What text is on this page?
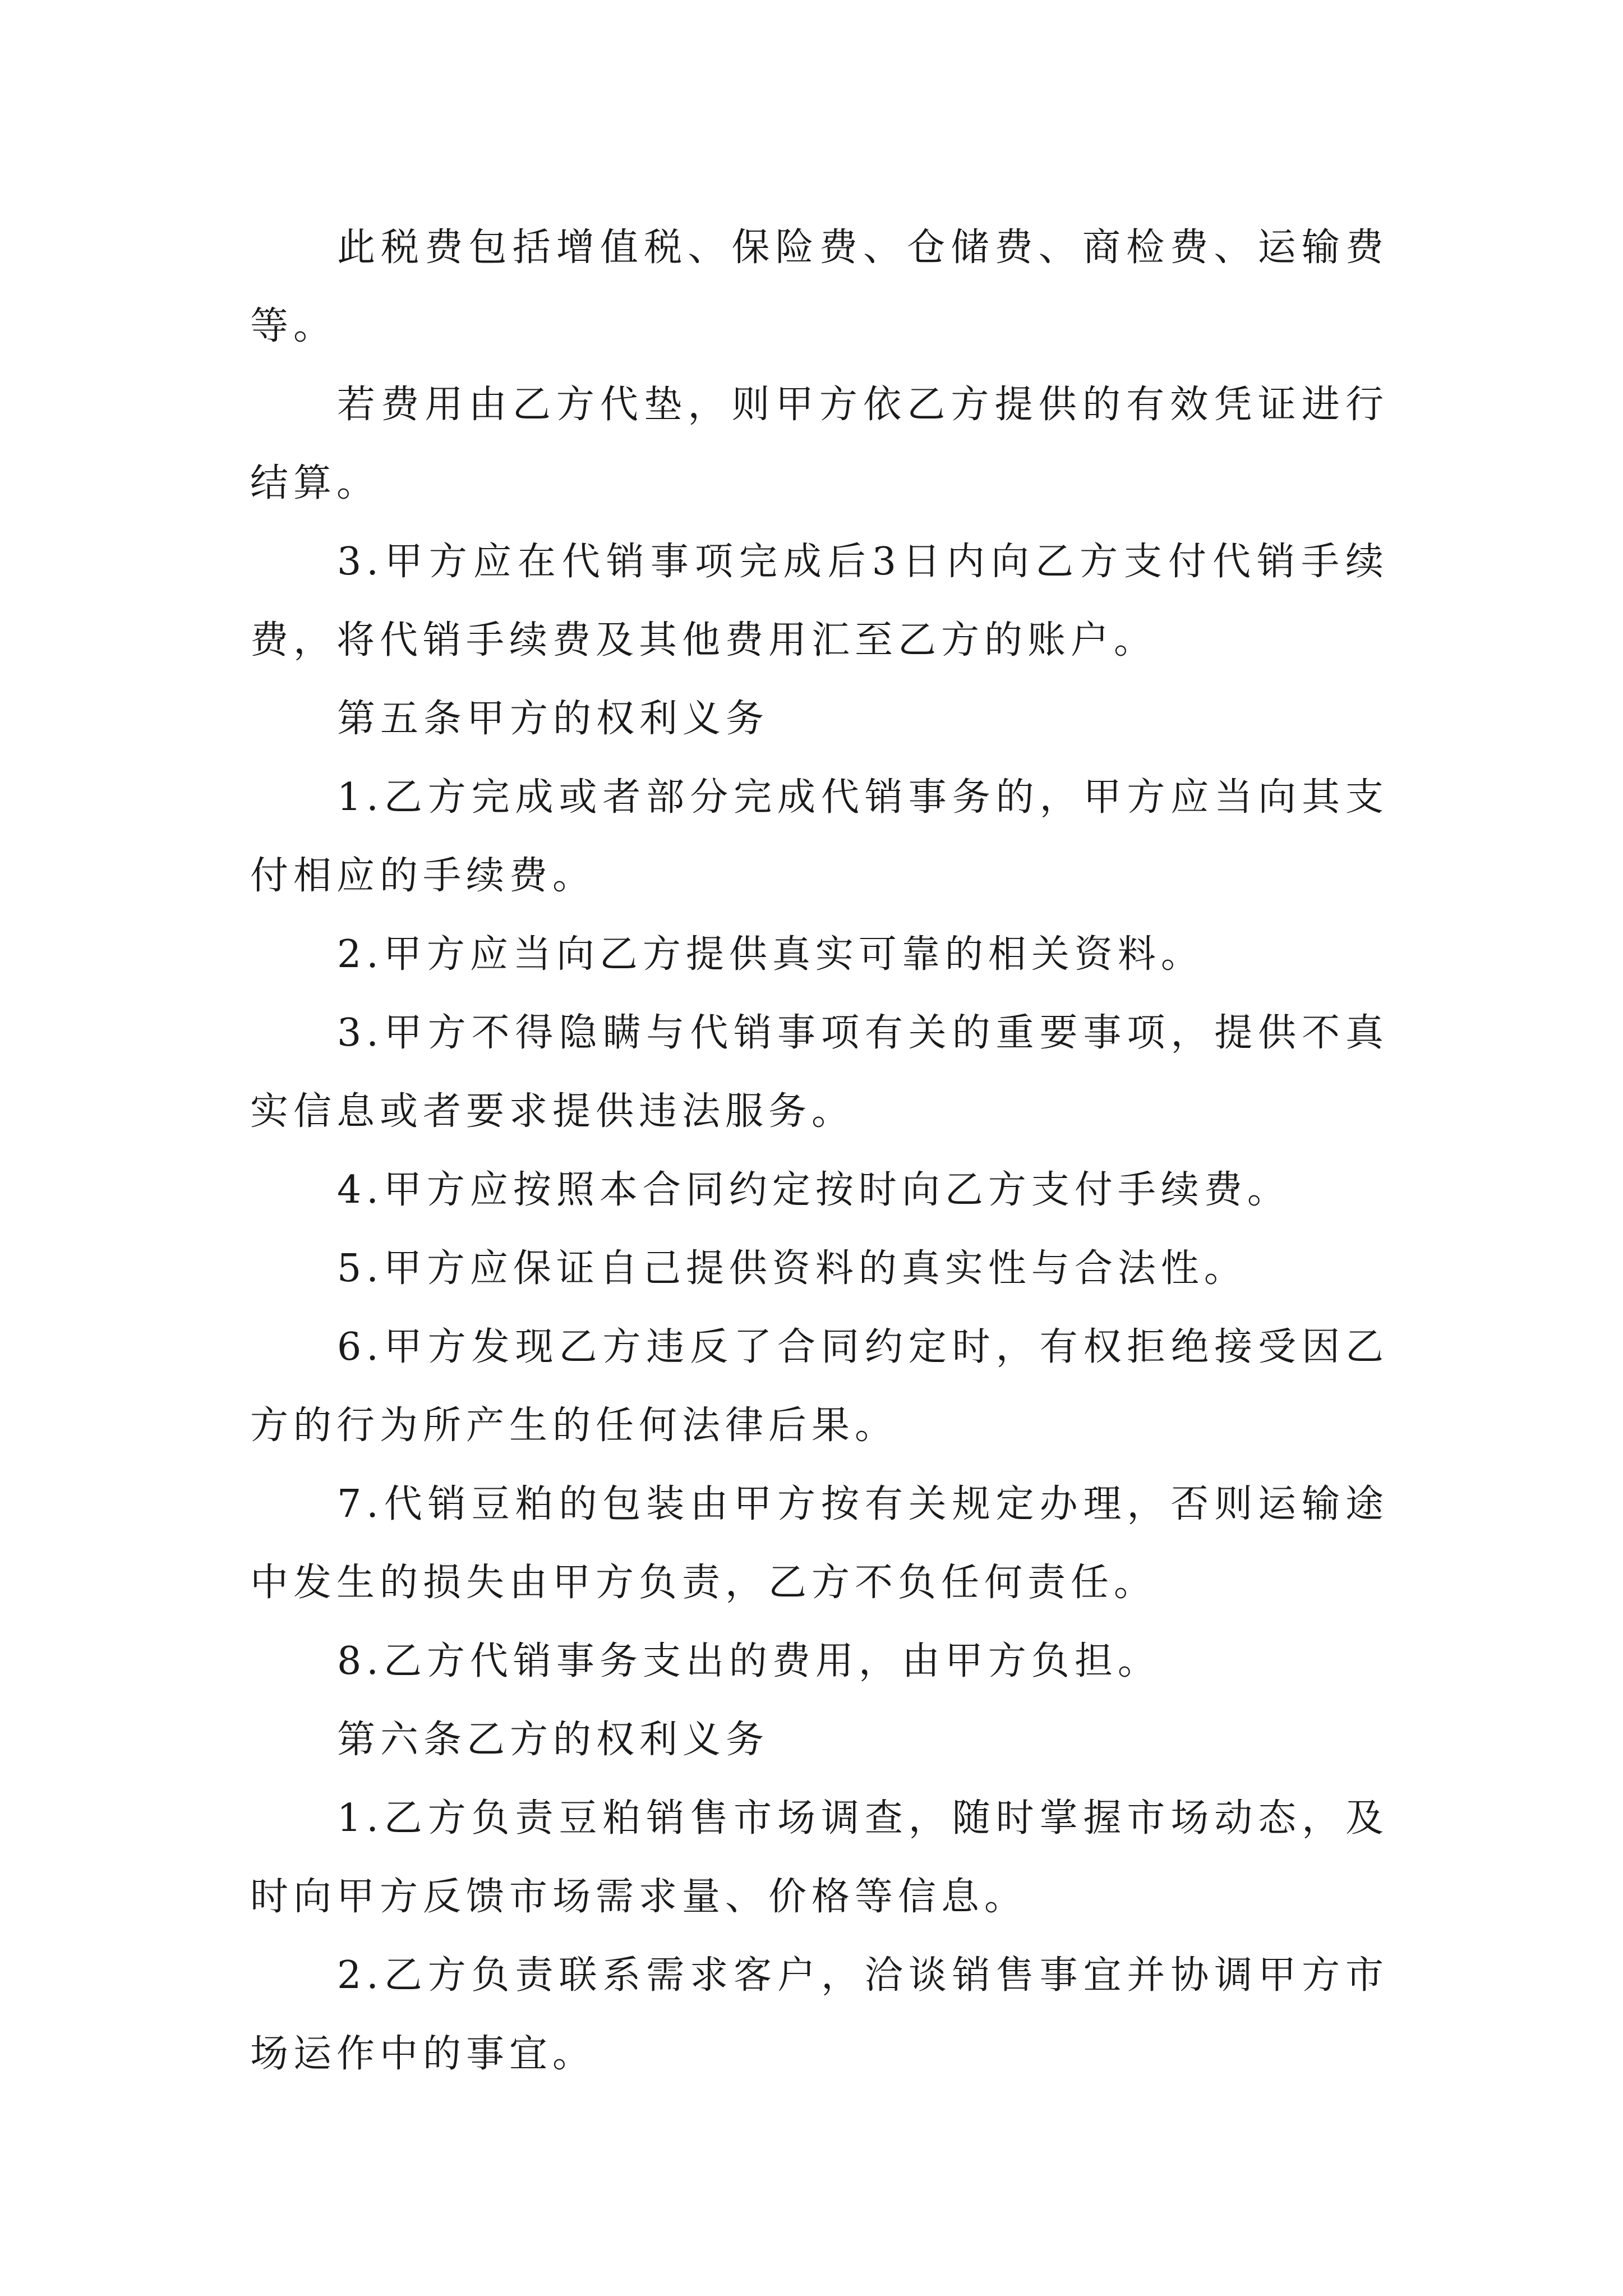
此税费包括增值税、保险费、仓储费、商检费、运输费等。

若费用由乙方代垫，则甲方依乙方提供的有效凭证进行结算。

3.甲方应在代销事项完成后3日内向乙方支付代销手续费，将代销手续费及其他费用汇至乙方的账户。

第五条甲方的权利义务

1.乙方完成或者部分完成代销事务的，甲方应当向其支付相应的手续费。

2.甲方应当向乙方提供真实可靠的相关资料。

3.甲方不得隐瞒与代销事项有关的重要事项，提供不真实信息或者要求提供违法服务。

4.甲方应按照本合同约定按时向乙方支付手续费。

5.甲方应保证自己提供资料的真实性与合法性。

6.甲方发现乙方违反了合同约定时，有权拒绝接受因乙方的行为所产生的任何法律后果。

7.代销豆粕的包装由甲方按有关规定办理，否则运输途中发生的损失由甲方负责，乙方不负任何责任。

8.乙方代销事务支出的费用，由甲方负担。

第六条乙方的权利义务

1.乙方负责豆粕销售市场调查，随时掌握市场动态，及时向甲方反馈市场需求量、价格等信息。

2.乙方负责联系需求客户，洽谈销售事宜并协调甲方市场运作中的事宜。
